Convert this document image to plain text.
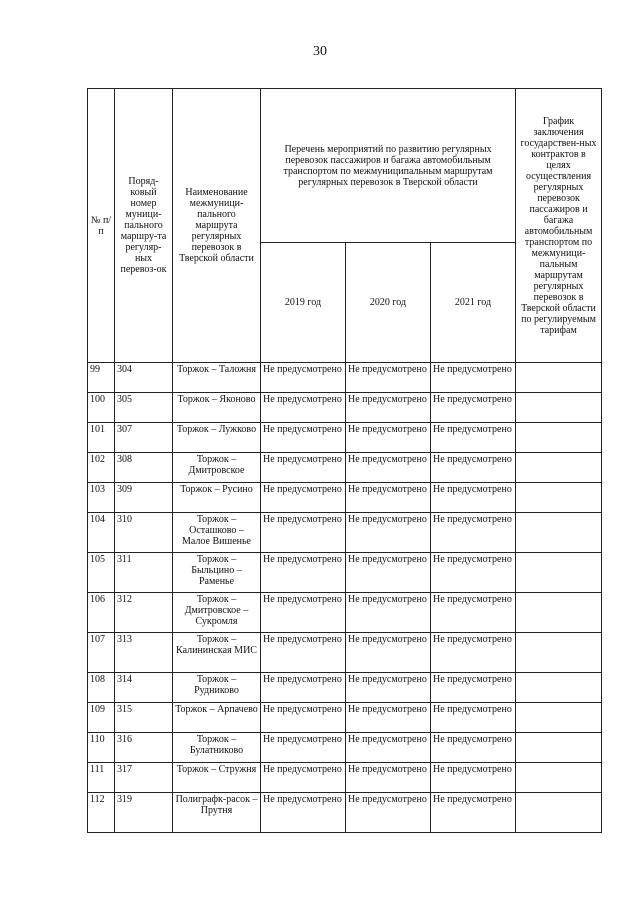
30
№ п/п	Поряд-ковый номер муници-пального маршру-та регуляр-ных перевоз-ок	Наименование межмуници-пального маршрута регулярных перевозок в Тверской области	Перечень мероприятий по развитию регулярных перевозок пассажиров и багажа автомобильным транспортом по межмуниципальным маршрутам регулярных перевозок в Тверской области			График заключения государствен-ных контрактов в целях осуществления регулярных перевозок пассажиров и багажа автомобильным транспортом по межмуници-пальным маршрутам регулярных перевозок в Тверской области по регулируемым тарифам
			2019 год	2020 год	2021 год	
99	304	Торжок – Таложня	Не предусмотрено	Не предусмотрено	Не предусмотрено	
100	305	Торжок – Яконово	Не предусмотрено	Не предусмотрено	Не предусмотрено	
101	307	Торжок – Лужково	Не предусмотрено	Не предусмотрено	Не предусмотрено	
102	308	Торжок – Дмитровское	Не предусмотрено	Не предусмотрено	Не предусмотрено	
103	309	Торжок – Русино	Не предусмотрено	Не предусмотрено	Не предусмотрено	
104	310	Торжок – Осташково – Малое Вишенье	Не предусмотрено	Не предусмотрено	Не предусмотрено	
105	311	Торжок – Быльцино – Раменье	Не предусмотрено	Не предусмотрено	Не предусмотрено	
106	312	Торжок – Дмитровское – Сукромля	Не предусмотрено	Не предусмотрено	Не предусмотрено	
107	313	Торжок – Калининская МИС	Не предусмотрено	Не предусмотрено	Не предусмотрено	
108	314	Торжок – Рудниково	Не предусмотрено	Не предусмотрено	Не предусмотрено	
109	315	Торжок – Арпачево	Не предусмотрено	Не предусмотрено	Не предусмотрено	
110	316	Торжок – Булатниково	Не предусмотрено	Не предусмотрено	Не предусмотрено	
111	317	Торжок – Стружня	Не предусмотрено	Не предусмотрено	Не предусмотрено	
112	319	Полиграфк-расок – Прутня	Не предусмотрено	Не предусмотрено	Не предусмотрено	
